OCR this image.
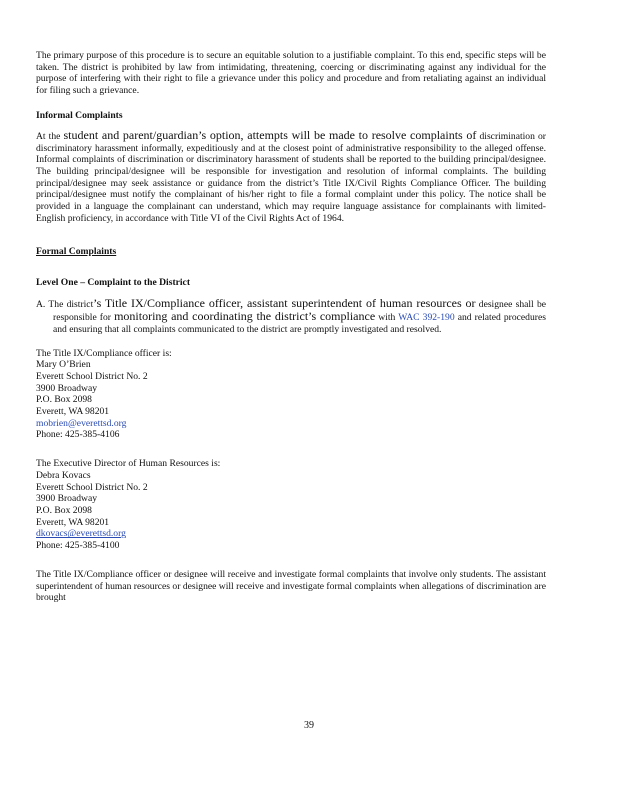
The primary purpose of this procedure is to secure an equitable solution to a justifiable complaint. To this end, specific steps will be taken. The district is prohibited by law from intimidating, threatening, coercing or discriminating against any individual for the purpose of interfering with their right to file a grievance under this policy and procedure and from retaliating against an individual for filing such a grievance.

Informal Complaints

At the student and parent/guardian’s option, attempts will be made to resolve complaints of discrimination or discriminatory harassment informally, expeditiously and at the closest point of administrative responsibility to the alleged offense. Informal complaints of discrimination or discriminatory harassment of students shall be reported to the building principal/designee. The building principal/designee will be responsible for investigation and resolution of informal complaints. The building principal/designee may seek assistance or guidance from the district’s Title IX/Civil Rights Compliance Officer. The building principal/designee must notify the complainant of his/her right to file a formal complaint under this policy. The notice shall be provided in a language the complainant can understand, which may require language assistance for complainants with limited-English proficiency, in accordance with Title VI of the Civil Rights Act of 1964.

Formal Complaints

Level One – Complaint to the District

A. The district’s Title IX/Compliance officer, assistant superintendent of human resources or designee shall be responsible for monitoring and coordinating the district’s compliance with WAC 392-190 and related procedures and ensuring that all complaints communicated to the district are promptly investigated and resolved.

The Title IX/Compliance officer is:
Mary O’Brien
Everett School District No. 2
3900 Broadway
P.O. Box 2098
Everett, WA 98201
mobrien@everettsd.org
Phone: 425-385-4106
The Executive Director of Human Resources is:
Debra Kovacs
Everett School District No. 2
3900 Broadway
P.O. Box 2098
Everett, WA 98201
dkovacs@everettsd.org
Phone: 425-385-4100

The Title IX/Compliance officer or designee will receive and investigate formal complaints that involve only students. The assistant superintendent of human resources or designee will receive and investigate formal complaints when allegations of discrimination are brought

39
